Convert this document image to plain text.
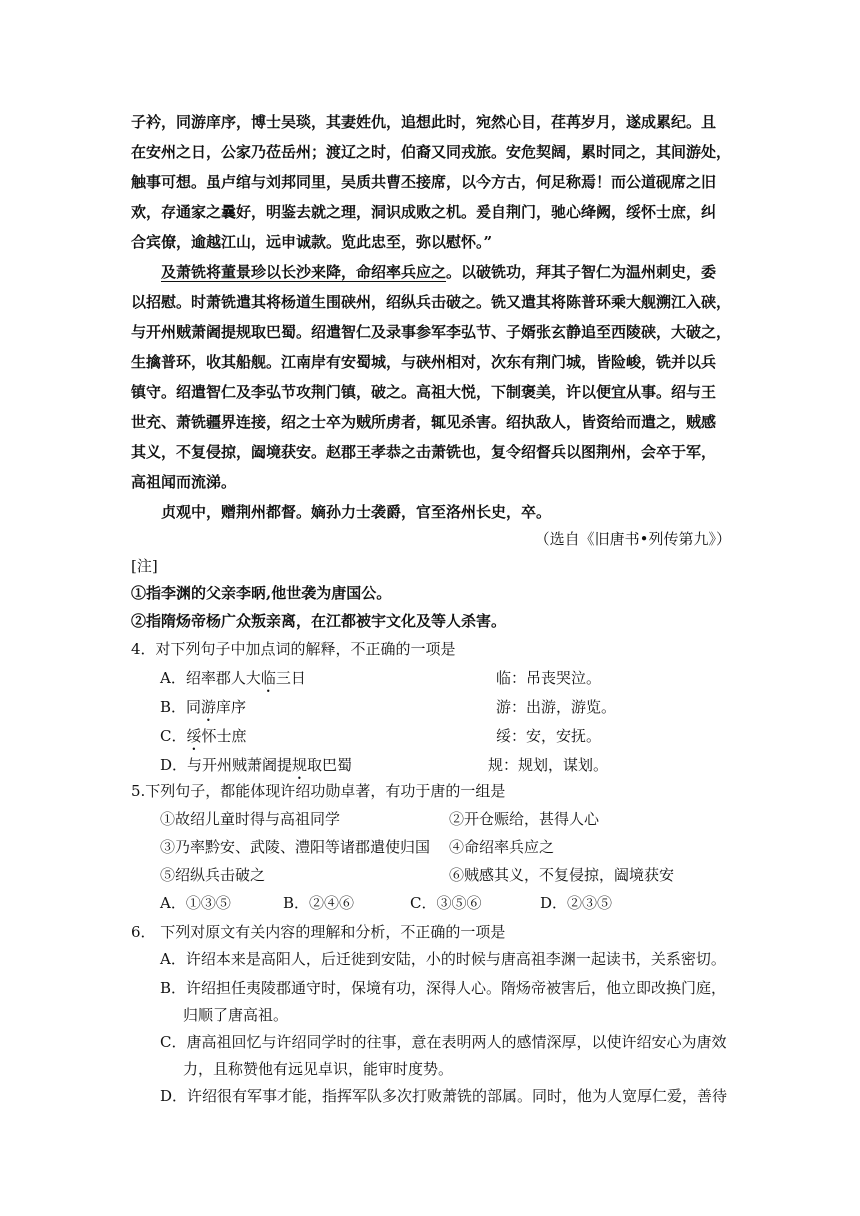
子衿，同游庠序，博士吴琰，其妻姓仇，追想此时，宛然心目，荏苒岁月，遂成累纪。且
在安州之日，公家乃莅岳州；渡辽之时，伯裔又同戎旅。安危契阔，累时同之，其间游处，
触事可想。虽卢绾与刘邦同里，吴质共曹丕接席，以今方古，何足称焉！而公道砚席之旧
欢，存通家之曩好，明鉴去就之理，洞识成败之机。爰自荆门，驰心绛阙，绥怀士庶，纠
合宾僚，逾越江山，远申诚款。览此忠至，弥以慰怀。”
及萧铣将董景珍以长沙来降，命绍率兵应之。以破铣功，拜其子智仁为温州刺史，委
以招慰。时萧铣遣其将杨道生围硖州，绍纵兵击破之。铣又遣其将陈普环乘大舰溯江入硖，
与开州贼萧阇提规取巴蜀。绍遣智仁及录事参军李弘节、子婿张玄静追至西陵硖，大破之，
生擒普环，收其船舰。江南岸有安蜀城，与硖州相对，次东有荆门城，皆险峻，铣并以兵
镇守。绍遣智仁及李弘节攻荆门镇，破之。高祖大悦，下制褒美，许以便宜从事。绍与王
世充、萧铣疆界连接，绍之士卒为贼所虏者，辄见杀害。绍执敌人，皆资给而遣之，贼感
其义，不复侵掠，阖境获安。赵郡王孝恭之击萧铣也，复令绍督兵以图荆州，会卒于军，
高祖闻而流涕。
贞观中，赠荆州都督。嫡孙力士袭爵，官至洛州长史，卒。
（选自《旧唐书•列传第九》）
[注]
①指李渊的父亲李昞,他世袭为唐国公。
②指隋炀帝杨广众叛亲离，在江都被宇文化及等人杀害。
4．对下列句子中加点词的解释，不正确的一项是
A．绍率郡人大临三日	临：吊丧哭泣。
B．同游庠序	游：出游，游览。
C．绥怀士庶	绥：安，安抚。
D．与开州贼萧阇提规取巴蜀	规：规划，谋划。
5.下列句子，都能体现许绍功勋卓著，有功于唐的一组是
①故绍儿童时得与高祖同学	②开仓赈给，甚得人心
③乃率黔安、武陵、澧阳等诸郡遣使归国 ④命绍率兵应之
⑤绍纵兵击破之	⑥贼感其义，不复侵掠，阖境获安
A．①③⑤	B．②④⑥	C．③⑤⑥	D．②③⑤
6． 下列对原文有关内容的理解和分析，不正确的一项是
A．许绍本来是高阳人，后迁徙到安陆，小的时候与唐高祖李渊一起读书，关系密切。
B．许绍担任夷陵郡通守时，保境有功，深得人心。隋炀帝被害后，他立即改换门庭，
归顺了唐高祖。
C．唐高祖回忆与许绍同学时的往事，意在表明两人的感情深厚，以使许绍安心为唐效
力，且称赞他有远见卓识，能审时度势。
D．许绍很有军事才能，指挥军队多次打败萧铣的部属。同时，他为人宽厚仁爱，善待
